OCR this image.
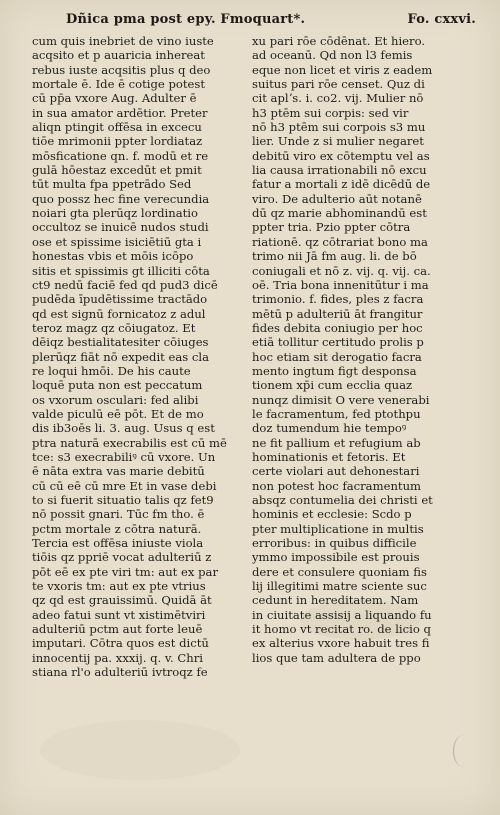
Dñica pma post epy. Fmoquart*.	Fo. cxxvi.
cum quis inebriet de vino iuste
acqsito et p auaricia inhereat
rebus iuste acqsitis plus q deo
mortale ē. Ide ē cotige potest
cū pp̄a vxore Aug. Adulter ē
in sua amator ardētior. Preter
aliqn ptingit offēsa in excecu
tiōe mrimonii ppter lordiataz
mōsficatione qn. f. modū et re
gulā hōestaz excedūt et pmit
tūt multa fpa ppetrādo Sed
quo possz hec fine verecundia
noiari gta plerūqz lordinatio
occultoz se inuicē nudos studi
ose et spissime isiciētiū gta i
honestas vbis et mōis icōpo
sitis et spissimis gt illiciti cōta
ct9 nedū faciē fed qd pud3 dicē
pudēda īpudētissime tractādo
qd est signū fornicatoz z adul
teroz magz qz cōiugatoz. Et
dēiqz bestialitatesiter cōiuges
plerūqz fiāt nō expedit eas cla
re loqui hmōi. De his caute
loquē puta non est peccatum
os vxorum osculari: fed alibi
valde piculū eē pōt. Et de mo
dis ib3oēs li. 3. aug. Usus q est
ptra naturā execrabilis est cū mē
tce: s3 execrabiliꝰ cū vxore. Un
ē nāta extra vas marie debitū
cū cū eē cū mre Et in vase debi
to si fuerit situatio talis qz fet9
nō possit gnari. Tūc fm tho. ē
pctm mortale z cōtra naturā.
Tercia est offēsa iniuste viola
tiōis qz ppriē vocat adulteriū z
pōt eē ex pte viri tm: aut ex par
te vxoris tm: aut ex pte vtrius
qz qd est grauissimū. Quidā āt
adeo fatui sunt vt xistimētviri
adulteriū pctm aut forte leuē
imputari. Cōtra quos est dictū
innocentij pa. xxxij. q. v. Chri
stiana rl'o adulteriū ivtroqz fe
xu pari rōe cōdēnat. Et hiero.
ad oceanū. Qd non l3 femis
eque non licet et viris z eadem
suitus pari rōe censet. Quz di
cit aplʼs. i. co2. vij. Mulier nō
h3 ptēm sui corpis: sed vir
nō h3 ptēm sui corpois s3 mu
lier. Unde z si mulier negaret
debitū viro ex cōtemptu vel as
lia causa irrationabili nō excu
fatur a mortali z idē dicēdū de
viro. De adulterio aūt notanē
dū qz marie abhominandū est
ppter tria. Pzio ppter cōtra
riationē. qz cōtrariat bono ma
trimo nii Jā fm aug. li. de bō
coniugali et nō z. vij. q. vij. ca.
oē. Tria bona innenitūtur i ma
trimonio. f. fides, ples z facra
mētū p adulteriū āt frangitur
fides debita coniugio per hoc
etiā tollitur certitudo prolis p
hoc etiam sit derogatio facra
mento ingtum figt desponsa
tionem xp̄i cum ecclia quaz
nunqz dimisit O vere venerabi
le facramentum, fed ptothpu
doz tumendum hie tempoꝰ
ne fit pallium et refugium ab
hominationis et fetoris. Et
certe violari aut dehonestari
non potest hoc facramentum
absqz contumelia dei christi et
hominis et ecclesie: Scdo p
pter multiplicatione in multis
erroribus: in quibus difficile
ymmo impossibile est prouis
dere et consulere quoniam fis
lij illegitimi matre sciente suc
cedunt in hereditatem. Nam
in ciuitate assisij a liquando fu
it homo vt recitat ro. de licio q
ex alterius vxore habuit tres fi
lios que tam adultera de ppo
